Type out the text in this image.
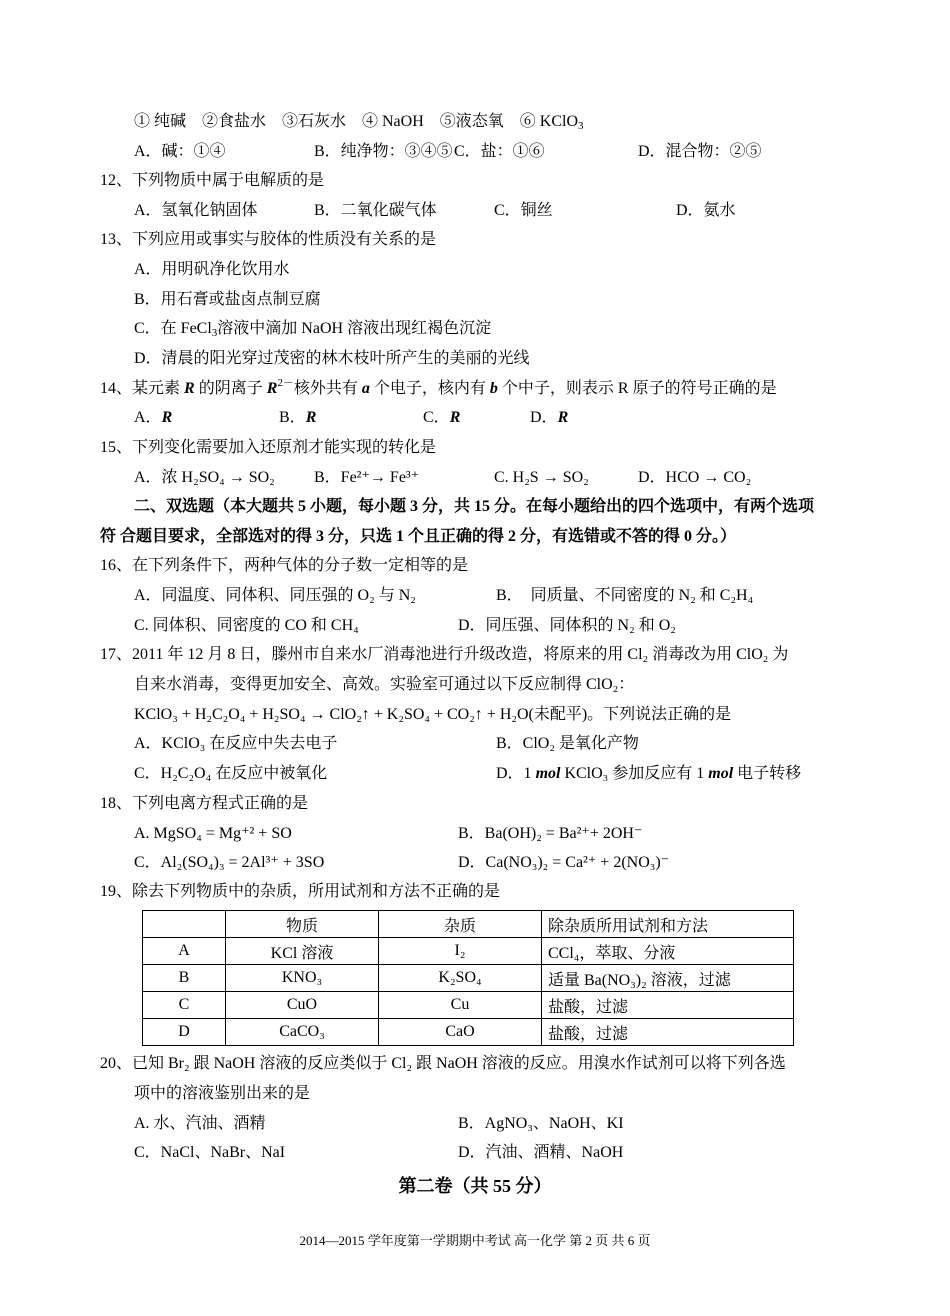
① 纯碱　②食盐水　③石灰水　④ NaOH　⑤液态氧　⑥ KClO$_3$
A．碱：①④	B．纯净物：③④⑤ C．盐：①⑥	D．混合物：②⑤
12、下列物质中属于电解质的是
A．氢氧化钠固体	B．二氧化碳气体	C．铜丝	D．氨水
13、下列应用或事实与胶体的性质没有关系的是
A．用明矾净化饮用水
B．用石膏或盐卤点制豆腐
C．在 FeCl$_3$溶液中滴加 NaOH 溶液出现红褐色沉淀
D．清晨的阳光穿过茂密的林木枝叶所产生的美丽的光线
14、某元素 R 的阴离子 $R^{2-}$核外共有 a 个电子，核内有 b 个中子，则表示 R 原子的符号正确的是
A．R	B．R	C．R	D．R
15、下列变化需要加入还原剂才能实现的转化是
A．浓 H₂SO₄ → SO₂ B．Fe²⁺→ Fe³⁺	C. H₂S → SO₂	D．HCO → CO₂
二、双选题（本大题共 5 小题，每小题 3 分，共 15 分。在每小题给出的四个选项中，有两个选项
符 合题目要求，全部选对的得 3 分，只选 1 个且正确的得 2 分，有选错或不答的得 0 分。）
16、在下列条件下，两种气体的分子数一定相等的是
A．同温度、同体积、同压强的 O₂ 与 N₂	B．　同质量、不同密度的 N₂ 和 C₂H₄
C. 同体积、同密度的 CO 和 CH₄	D．同压强、同体积的 N₂ 和 O₂
17、2011 年 12 月 8 日，滕州市自来水厂消毒池进行升级改造，将原来的用 Cl₂ 消毒改为用 ClO₂ 为
自来水消毒，变得更加安全、高效。实验室可通过以下反应制得 ClO₂：
KClO₃ + H₂C₂O₄ + H₂SO₄ → ClO₂↑ + K₂SO₄ + CO₂↑ + H₂O(未配平)。下列说法正确的是
A．KClO₃ 在反应中失去电子	B．ClO₂ 是氧化产物
C．H₂C₂O₄ 在反应中被氧化	D．1 mol KClO₃ 参加反应有 1 mol 电子转移
18、下列电离方程式正确的是
A. MgSO₄ = Mg⁺² + SO	B．Ba(OH)₂ = Ba²⁺+ 2OH⁻
C．Al₂(SO₄)₃ = 2Al³⁺ + 3SO	D．Ca(NO₃)₂ = Ca²⁺ + 2(NO₃)⁻
19、除去下列物质中的杂质，所用试剂和方法不正确的是
	物质	杂质	除杂质所用试剂和方法
A	KCl 溶液	I₂	CCl₄，萃取、分液
B	KNO₃	K₂SO₄	适量 Ba(NO₃)₂ 溶液，过滤
C	CuO	Cu	盐酸，过滤
D	CaCO₃	CaO	盐酸，过滤
20、已知 Br₂ 跟 NaOH 溶液的反应类似于 Cl₂ 跟 NaOH 溶液的反应。用溴水作试剂可以将下列各选
项中的溶液鉴别出来的是
A. 水、汽油、酒精	B．AgNO₃、NaOH、KI
C．NaCl、NaBr、NaI	D．汽油、酒精、NaOH
第二卷（共 55 分）
2014—2015 学年度第一学期期中考试 高一化学 第 2 页 共 6 页
